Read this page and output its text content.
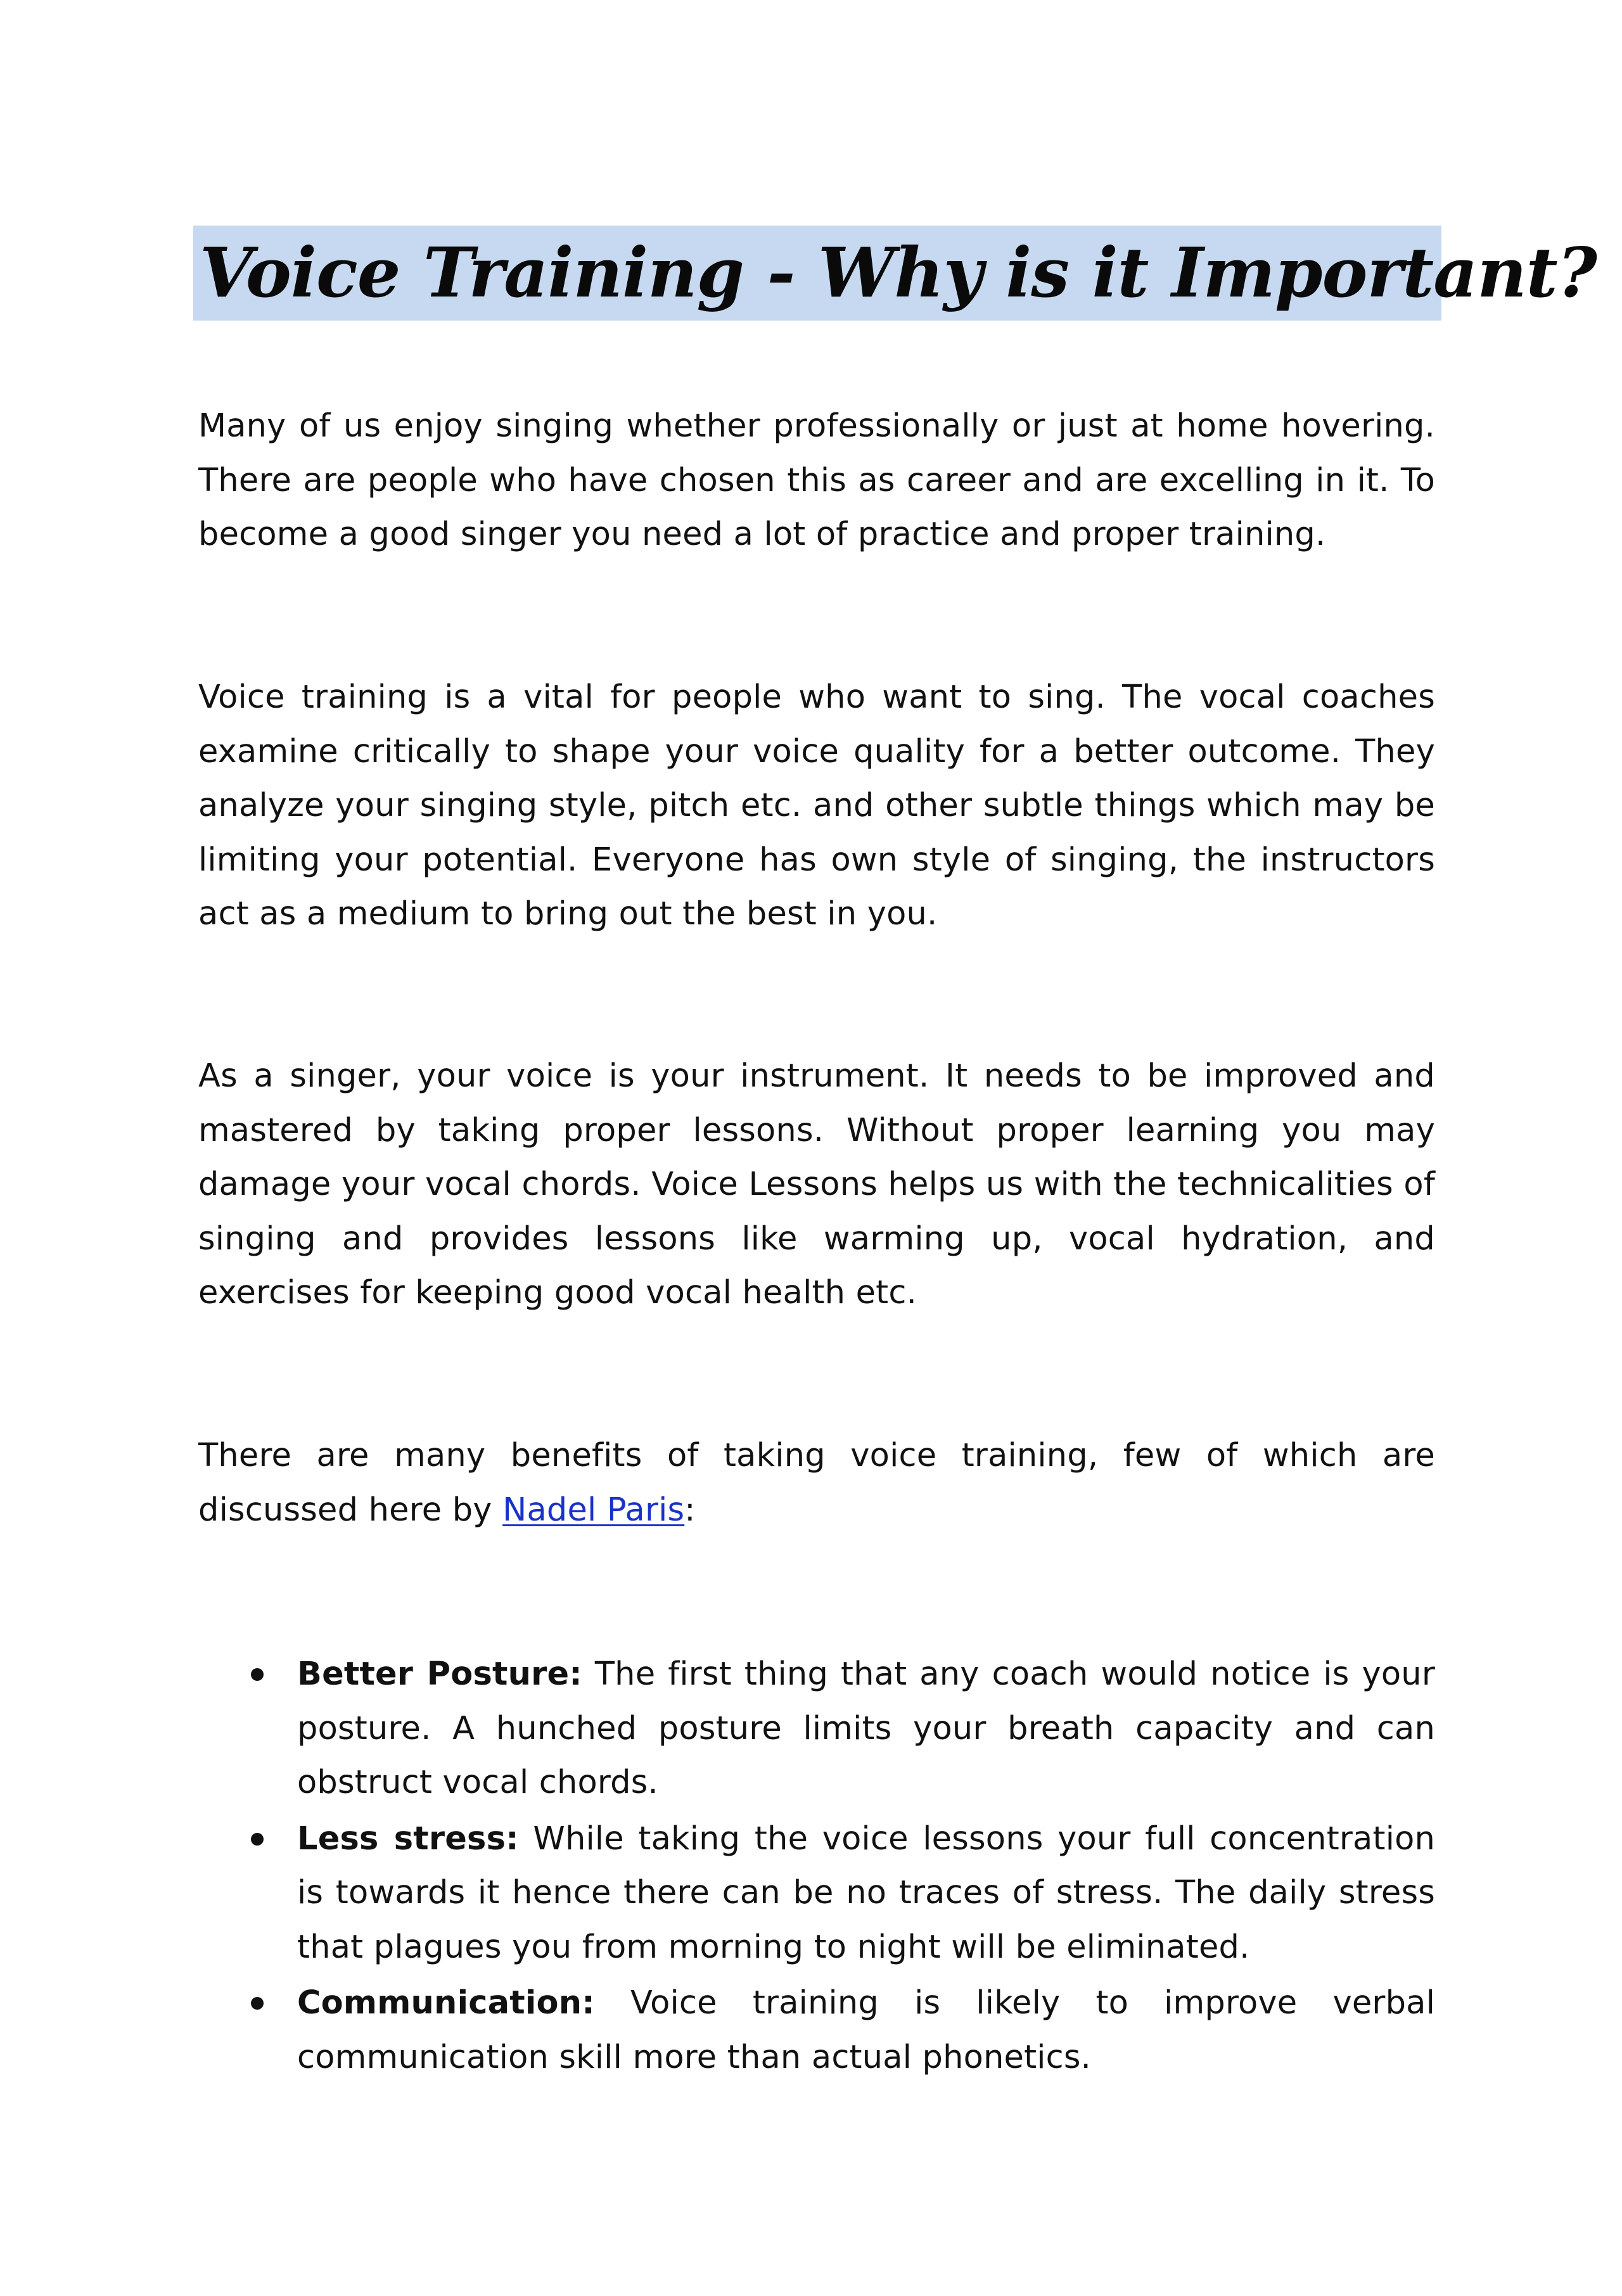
Voice Training - Why is it Important?

Many of us enjoy singing whether professionally or just at home hovering. There are people who have chosen this as career and are excelling in it. To become a good singer you need a lot of practice and proper training.

Voice training is a vital for people who want to sing. The vocal coaches examine critically to shape your voice quality for a better outcome. They analyze your singing style, pitch etc. and other subtle things which may be limiting your potential. Everyone has own style of singing, the instructors act as a medium to bring out the best in you.

As a singer, your voice is your instrument. It needs to be improved and mastered by taking proper lessons. Without proper learning you may damage your vocal chords. Voice Lessons helps us with the technicalities of singing and provides lessons like warming up, vocal hydration, and exercises for keeping good vocal health etc.

There are many benefits of taking voice training, few of which are discussed here by Nadel Paris:

Better Posture: The first thing that any coach would notice is your posture. A hunched posture limits your breath capacity and can obstruct vocal chords.
Less stress: While taking the voice lessons your full concentration is towards it hence there can be no traces of stress. The daily stress that plagues you from morning to night will be eliminated.
Communication: Voice training is likely to improve verbal communication skill more than actual phonetics.
